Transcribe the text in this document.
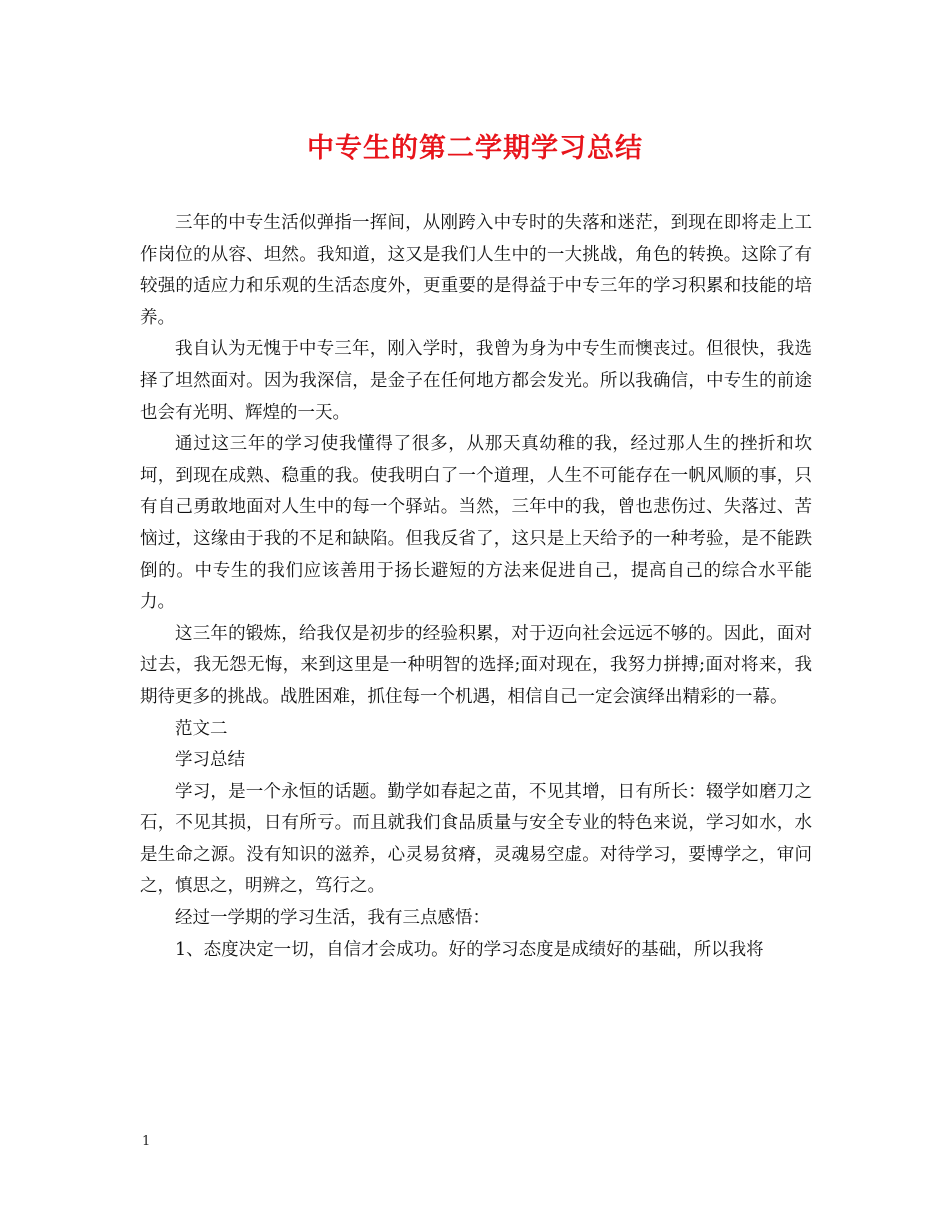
中专生的第二学期学习总结

三年的中专生活似弹指一挥间，从刚跨入中专时的失落和迷茫，到现在即将走上工作岗位的从容、坦然。我知道，这又是我们人生中的一大挑战，角色的转换。这除了有较强的适应力和乐观的生活态度外，更重要的是得益于中专三年的学习积累和技能的培养。

我自认为无愧于中专三年，刚入学时，我曾为身为中专生而懊丧过。但很快，我选择了坦然面对。因为我深信，是金子在任何地方都会发光。所以我确信，中专生的前途也会有光明、辉煌的一天。

通过这三年的学习使我懂得了很多，从那天真幼稚的我，经过那人生的挫折和坎坷，到现在成熟、稳重的我。使我明白了一个道理，人生不可能存在一帆风顺的事，只有自己勇敢地面对人生中的每一个驿站。当然，三年中的我，曾也悲伤过、失落过、苦恼过，这缘由于我的不足和缺陷。但我反省了，这只是上天给予的一种考验，是不能跌倒的。中专生的我们应该善用于扬长避短的方法来促进自己，提高自己的综合水平能力。

这三年的锻炼，给我仅是初步的经验积累，对于迈向社会远远不够的。因此，面对过去，我无怨无悔，来到这里是一种明智的选择;面对现在，我努力拼搏;面对将来，我期待更多的挑战。战胜困难，抓住每一个机遇，相信自己一定会演绎出精彩的一幕。

范文二

学习总结

学习，是一个永恒的话题。勤学如春起之苗，不见其增，日有所长：辍学如磨刀之石，不见其损，日有所亏。而且就我们食品质量与安全专业的特色来说，学习如水，水是生命之源。没有知识的滋养，心灵易贫瘠，灵魂易空虚。对待学习，要博学之，审问之，慎思之，明辨之，笃行之。

经过一学期的学习生活，我有三点感悟：

1、态度决定一切，自信才会成功。好的学习态度是成绩好的基础，所以我将

1
